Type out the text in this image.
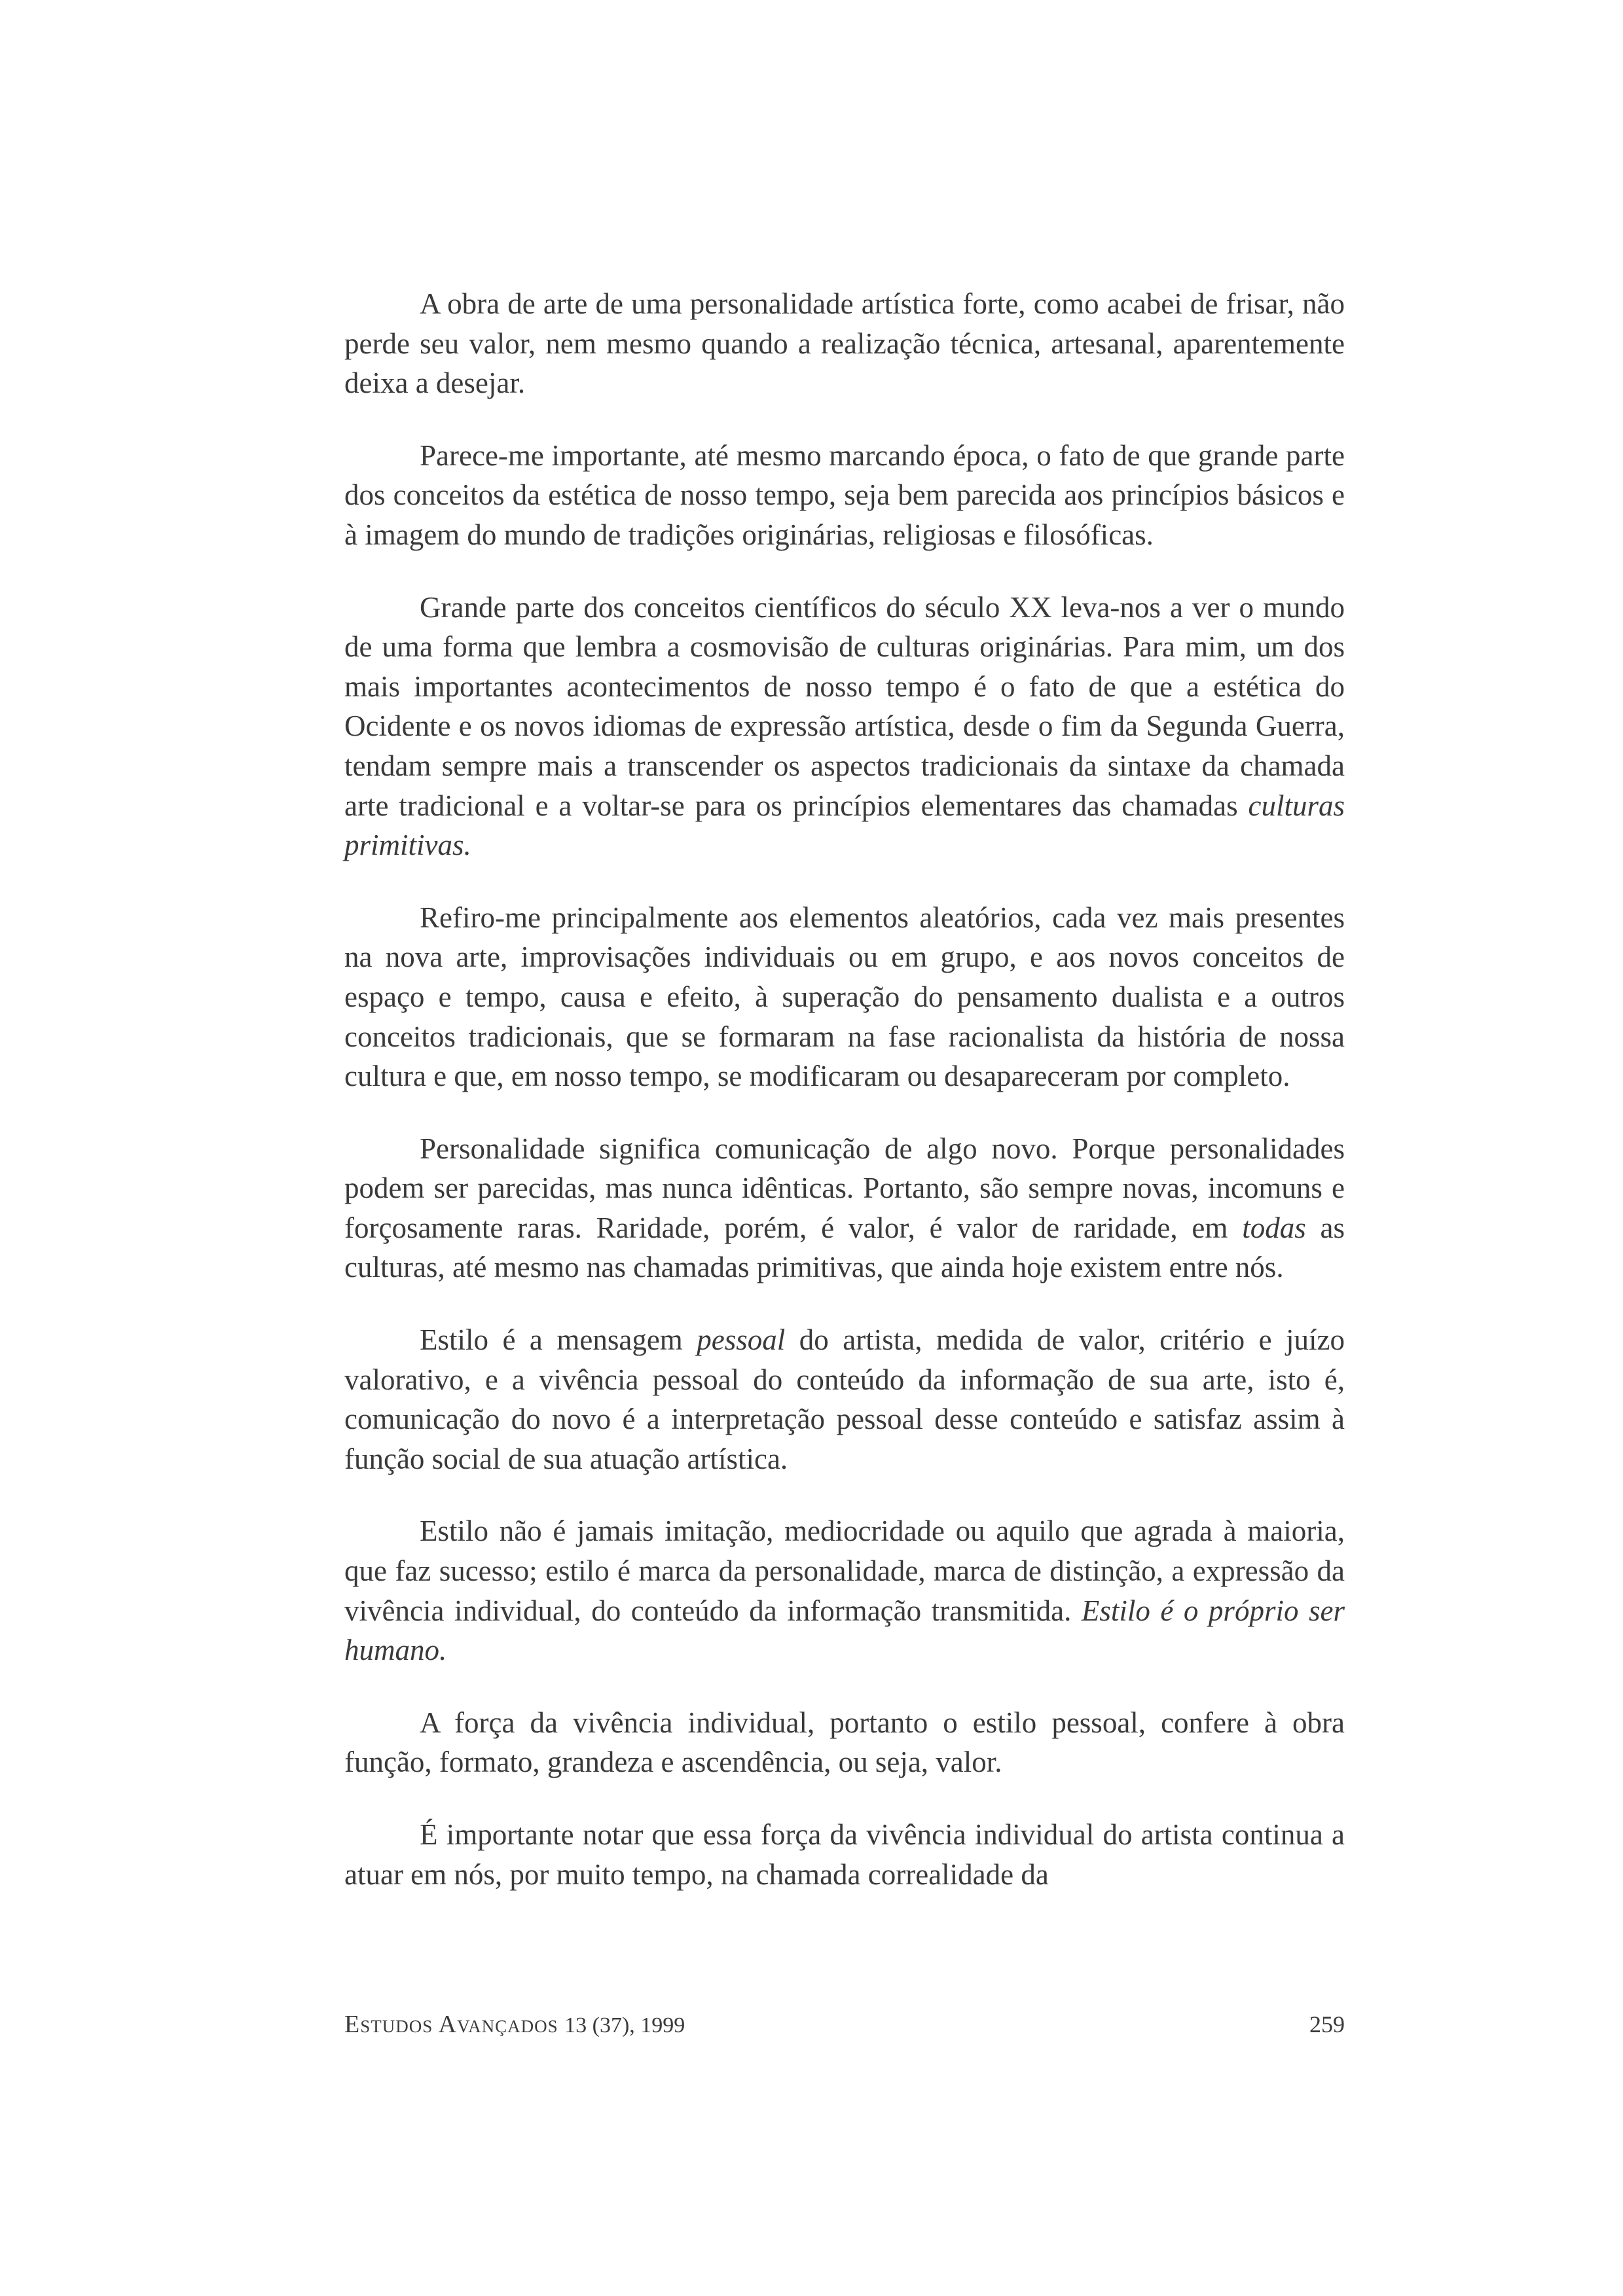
A obra de arte de uma personalidade artística forte, como acabei de frisar, não perde seu valor, nem mesmo quando a realização técnica, artesanal, aparentemente deixa a desejar.

Parece-me importante, até mesmo marcando época, o fato de que grande parte dos conceitos da estética de nosso tempo, seja bem parecida aos princípios básicos e à imagem do mundo de tradições originárias, religiosas e filosóficas.

Grande parte dos conceitos científicos do século XX leva-nos a ver o mundo de uma forma que lembra a cosmovisão de culturas originárias. Para mim, um dos mais importantes acontecimentos de nosso tempo é o fato de que a estética do Ocidente e os novos idiomas de expressão artística, desde o fim da Segunda Guerra, tendam sempre mais a transcender os aspectos tradicionais da sintaxe da chamada arte tradicional e a voltar-se para os princípios elementares das chamadas culturas primitivas.

Refiro-me principalmente aos elementos aleatórios, cada vez mais presentes na nova arte, improvisações individuais ou em grupo, e aos novos conceitos de espaço e tempo, causa e efeito, à superação do pensamento dualista e a outros conceitos tradicionais, que se formaram na fase racionalista da história de nossa cultura e que, em nosso tempo, se modificaram ou desapareceram por completo.

Personalidade significa comunicação de algo novo. Porque personalidades podem ser parecidas, mas nunca idênticas. Portanto, são sempre novas, incomuns e forçosamente raras. Raridade, porém, é valor, é valor de raridade, em todas as culturas, até mesmo nas chamadas primitivas, que ainda hoje existem entre nós.

Estilo é a mensagem pessoal do artista, medida de valor, critério e juízo valorativo, e a vivência pessoal do conteúdo da informação de sua arte, isto é, comunicação do novo é a interpretação pessoal desse conteúdo e satisfaz assim à função social de sua atuação artística.

Estilo não é jamais imitação, mediocridade ou aquilo que agrada à maioria, que faz sucesso; estilo é marca da personalidade, marca de distinção, a expressão da vivência individual, do conteúdo da informação transmitida. Estilo é o próprio ser humano.

A força da vivência individual, portanto o estilo pessoal, confere à obra função, formato, grandeza e ascendência, ou seja, valor.

É importante notar que essa força da vivência individual do artista continua a atuar em nós, por muito tempo, na chamada correalidade da

Estudos Avançados 13 (37), 1999	259
